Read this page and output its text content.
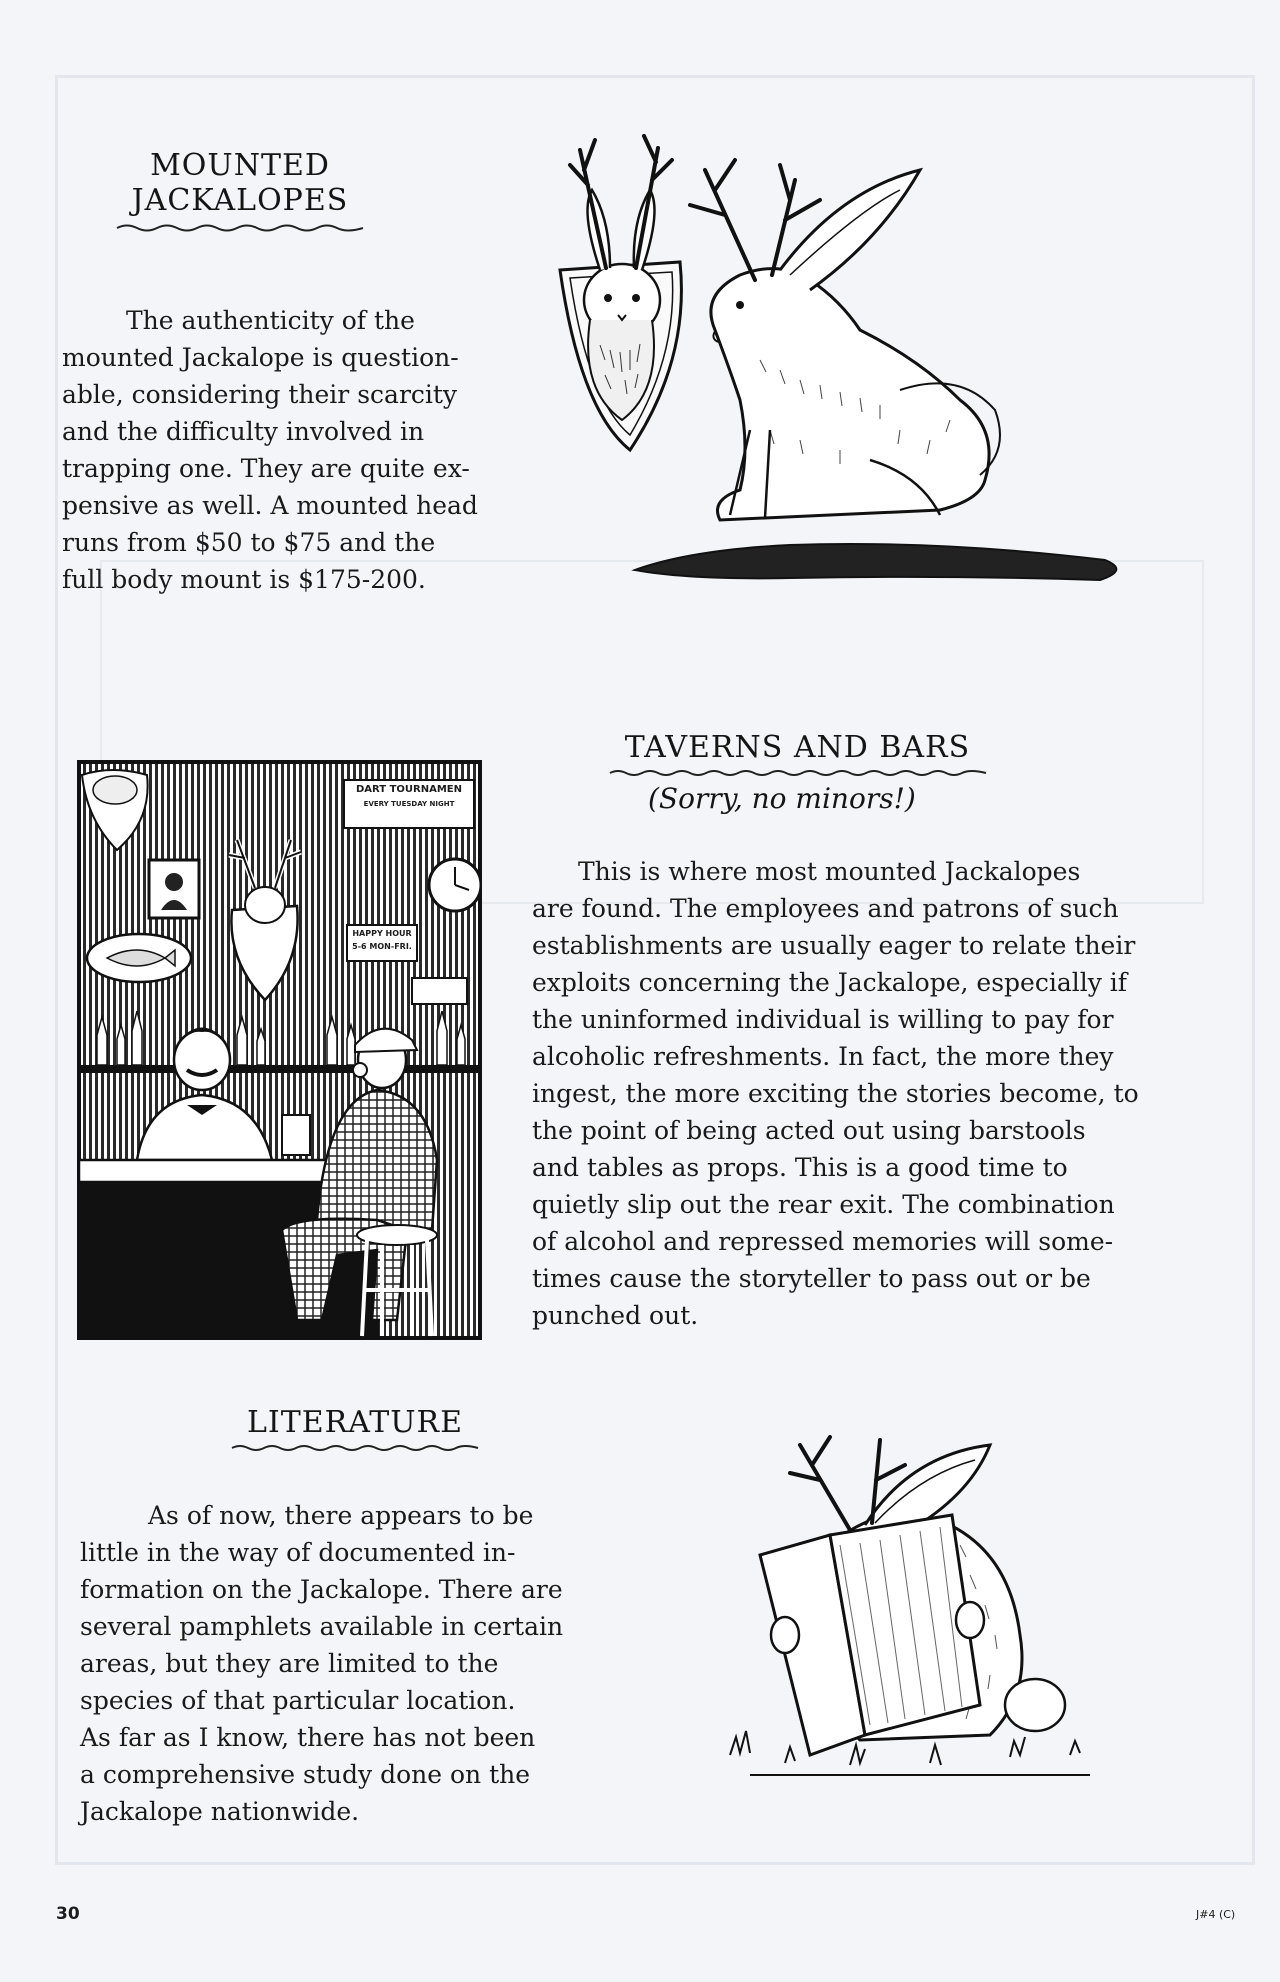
MOUNTED
JACKALOPES
The authenticity of the
mounted Jackalope is question-
able, considering their scarcity
and the difficulty involved in
trapping one. They are quite ex-
pensive as well. A mounted head
runs from $50 to $75 and the
full body mount is $175-200.
DART TOURNAMEN
EVERY TUESDAY NIGHT
HAPPY HOUR
5-6 MON-FRI.
TAVERNS AND BARS
(Sorry, no minors!)
This is where most mounted Jackalopes
are found. The employees and patrons of such
establishments are usually eager to relate their
exploits concerning the Jackalope, especially if
the uninformed individual is willing to pay for
alcoholic refreshments. In fact, the more they
ingest, the more exciting the stories become, to
the point of being acted out using barstools
and tables as props. This is a good time to
quietly slip out the rear exit. The combination
of alcohol and repressed memories will some-
times cause the storyteller to pass out or be
punched out.
LITERATURE
As of now, there appears to be
little in the way of documented in-
formation on the Jackalope. There are
several pamphlets available in certain
areas, but they are limited to the
species of that particular location.
As far as I know, there has not been
a comprehensive study done on the
Jackalope nationwide.
30	J#4 (C)
